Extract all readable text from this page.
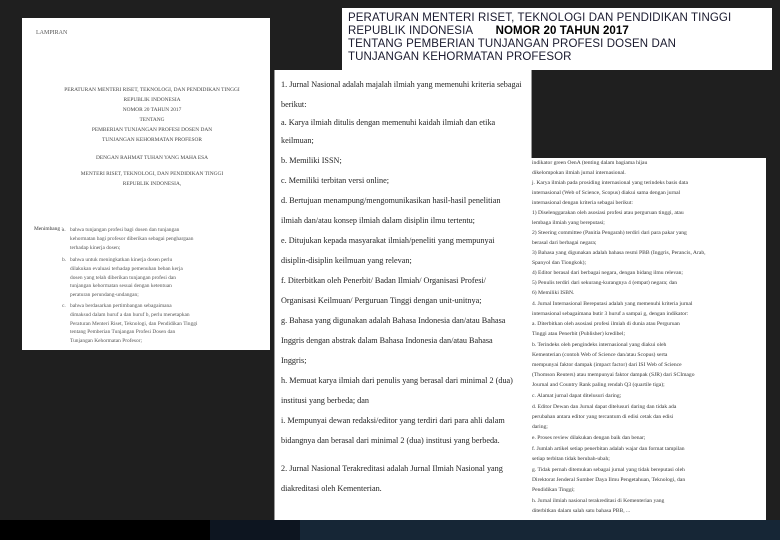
LAMPIRAN
PERATURAN MENTERI RISET, TEKNOLOGI, DAN PENDIDIKAN TINGGI
REPUBLIK INDONESIA
NOMOR 20 TAHUN 2017
TENTANG
PEMBERIAN TUNJANGAN PROFESI DOSEN DAN
TUNJANGAN KEHORMATAN PROFESOR
DENGAN RAHMAT TUHAN YANG MAHA ESA
MENTERI RISET, TEKNOLOGI, DAN PENDIDIKAN TINGGI
REPUBLIK INDONESIA,
Menimbang : a. bahwa tunjangan profesi bagi dosen dan tunjangan
kehormatan bagi profesor diberikan sebagai penghargaan
terhadap kinerja dosen;
b. bahwa untuk meningkatkan kinerja dosen perlu
dilakukan evaluasi terhadap pemenuhan beban kerja
dosen yang telah diberikan tunjangan profesi dan
tunjangan kehormatan sesuai dengan ketentuan
peraturan perundang-undangan;
c. bahwa berdasarkan pertimbangan sebagaimana
dimaksud dalam huruf a dan huruf b, perlu menetapkan
Peraturan Menteri Riset, Teknologi, dan Pendidikan Tinggi
tentang Pemberian Tunjangan Profesi Dosen dan
Tunjangan Kehormatan Profesor;
PERATURAN MENTERI RISET, TEKNOLOGI DAN PENDIDIKAN TINGGI
REPUBLIK INDONESIA NOMOR 20 TAHUN 2017
TENTANG PEMBERIAN TUNJANGAN PROFESI DOSEN DAN
TUNJANGAN KEHORMATAN PROFESOR
1. Jurnal Nasional adalah majalah ilmiah yang memenuhi kriteria sebagai
berikut:
a. Karya ilmiah ditulis dengan memenuhi kaidah ilmiah dan etika
keilmuan;
b. Memiliki ISSN;
c. Memiliki terbitan versi online;
d. Bertujuan menampung/mengomunikasikan hasil-hasil penelitian
ilmiah dan/atau konsep ilmiah dalam disiplin ilmu tertentu;
e. Ditujukan kepada masyarakat ilmiah/peneliti yang mempunyai
disiplin-disiplin keilmuan yang relevan;
f. Diterbitkan oleh Penerbit/ Badan Ilmiah/ Organisasi Profesi/
Organisasi Keilmuan/ Perguruan Tinggi dengan unit-unitnya;
g. Bahasa yang digunakan adalah Bahasa Indonesia dan/atau Bahasa
Inggris dengan abstrak dalam Bahasa Indonesia dan/atau Bahasa
Inggris;
h. Memuat karya ilmiah dari penulis yang berasal dari minimal 2 (dua)
institusi yang berbeda; dan
i. Mempunyai dewan redaksi/editor yang terdiri dari para ahli dalam
bidangnya dan berasal dari minimal 2 (dua) institusi yang berbeda.
2. Jurnal Nasional Terakreditasi adalah Jurnal Ilmiah Nasional yang
diakreditasi oleh Kementerian.
indikator green OenA (tenting dalam bagiama hijau
dikelompokan ilmiah jurnal internasional.
j. Karya ilmiah pada prosiding internasional yang terindeks basis data
internasional (Web of Science, Scopus) diakui sama dengan jurnal
internasional dengan kriteria sebagai berikut:
1) Diselenggarakan oleh asosiasi profesi atau perguruan tinggi, atau
lembaga ilmiah yang bereputasi;
2) Steering committee (Panitia Pengarah) terdiri dari para pakar yang
berasal dari berbagai negara;
3) Bahasa yang digunakan adalah bahasa resmi PBB (Inggris, Perancis, Arab,
Spanyol dan Tiongkok);
4) Editor berasal dari berbagai negara, dengan bidang ilmu relevan;
5) Penulis terdiri dari sekurang-kurangnya 4 (empat) negara; dan
6) Memiliki ISBN.
4. Jurnal Internasional Bereputasi adalah yang memenuhi kriteria jurnal
internasional sebagaimana butir 3 huruf a sampai g, dengan indikator:
a. Diterbitkan oleh asosiasi profesi ilmiah di dunia atau Perguruan
Tinggi atau Penerbit (Publisher) kredibel;
b. Terindeks oleh pengindeks internasional yang diakui oleh
Kementerian (contoh Web of Science dan/atau Scopus) serta
mempunyai faktor dampak (impact factor) dari ISI Web of Science
(Thomson Reuters) atau mempunyai faktor dampak (SJR) dari SCImago
Journal and Country Rank paling rendah Q3 (quartile tiga);
c. Alamat jurnal dapat ditelusuri daring;
d. Editor Dewan dan Jurnal dapat ditelusuri daring dan tidak ada
perubahan antara editor yang tercantum di edisi cetak dan edisi
daring;
e. Proses review dilakukan dengan baik dan benar;
f. Jumlah artikel setiap penerbitan adalah wajar dan format tampilan
setiap terbitan tidak berubah-ubah;
g. Tidak pernah ditemukan sebagai jurnal yang tidak bereputasi oleh
Direktorat Jenderal Sumber Daya Ilmu Pengetahuan, Teknologi, dan
Pendidikan Tinggi;
h. Jurnal ilmiah nasional terakreditasi di Kementerian yang
diterbitkan dalam salah satu bahasa PBB, ...
